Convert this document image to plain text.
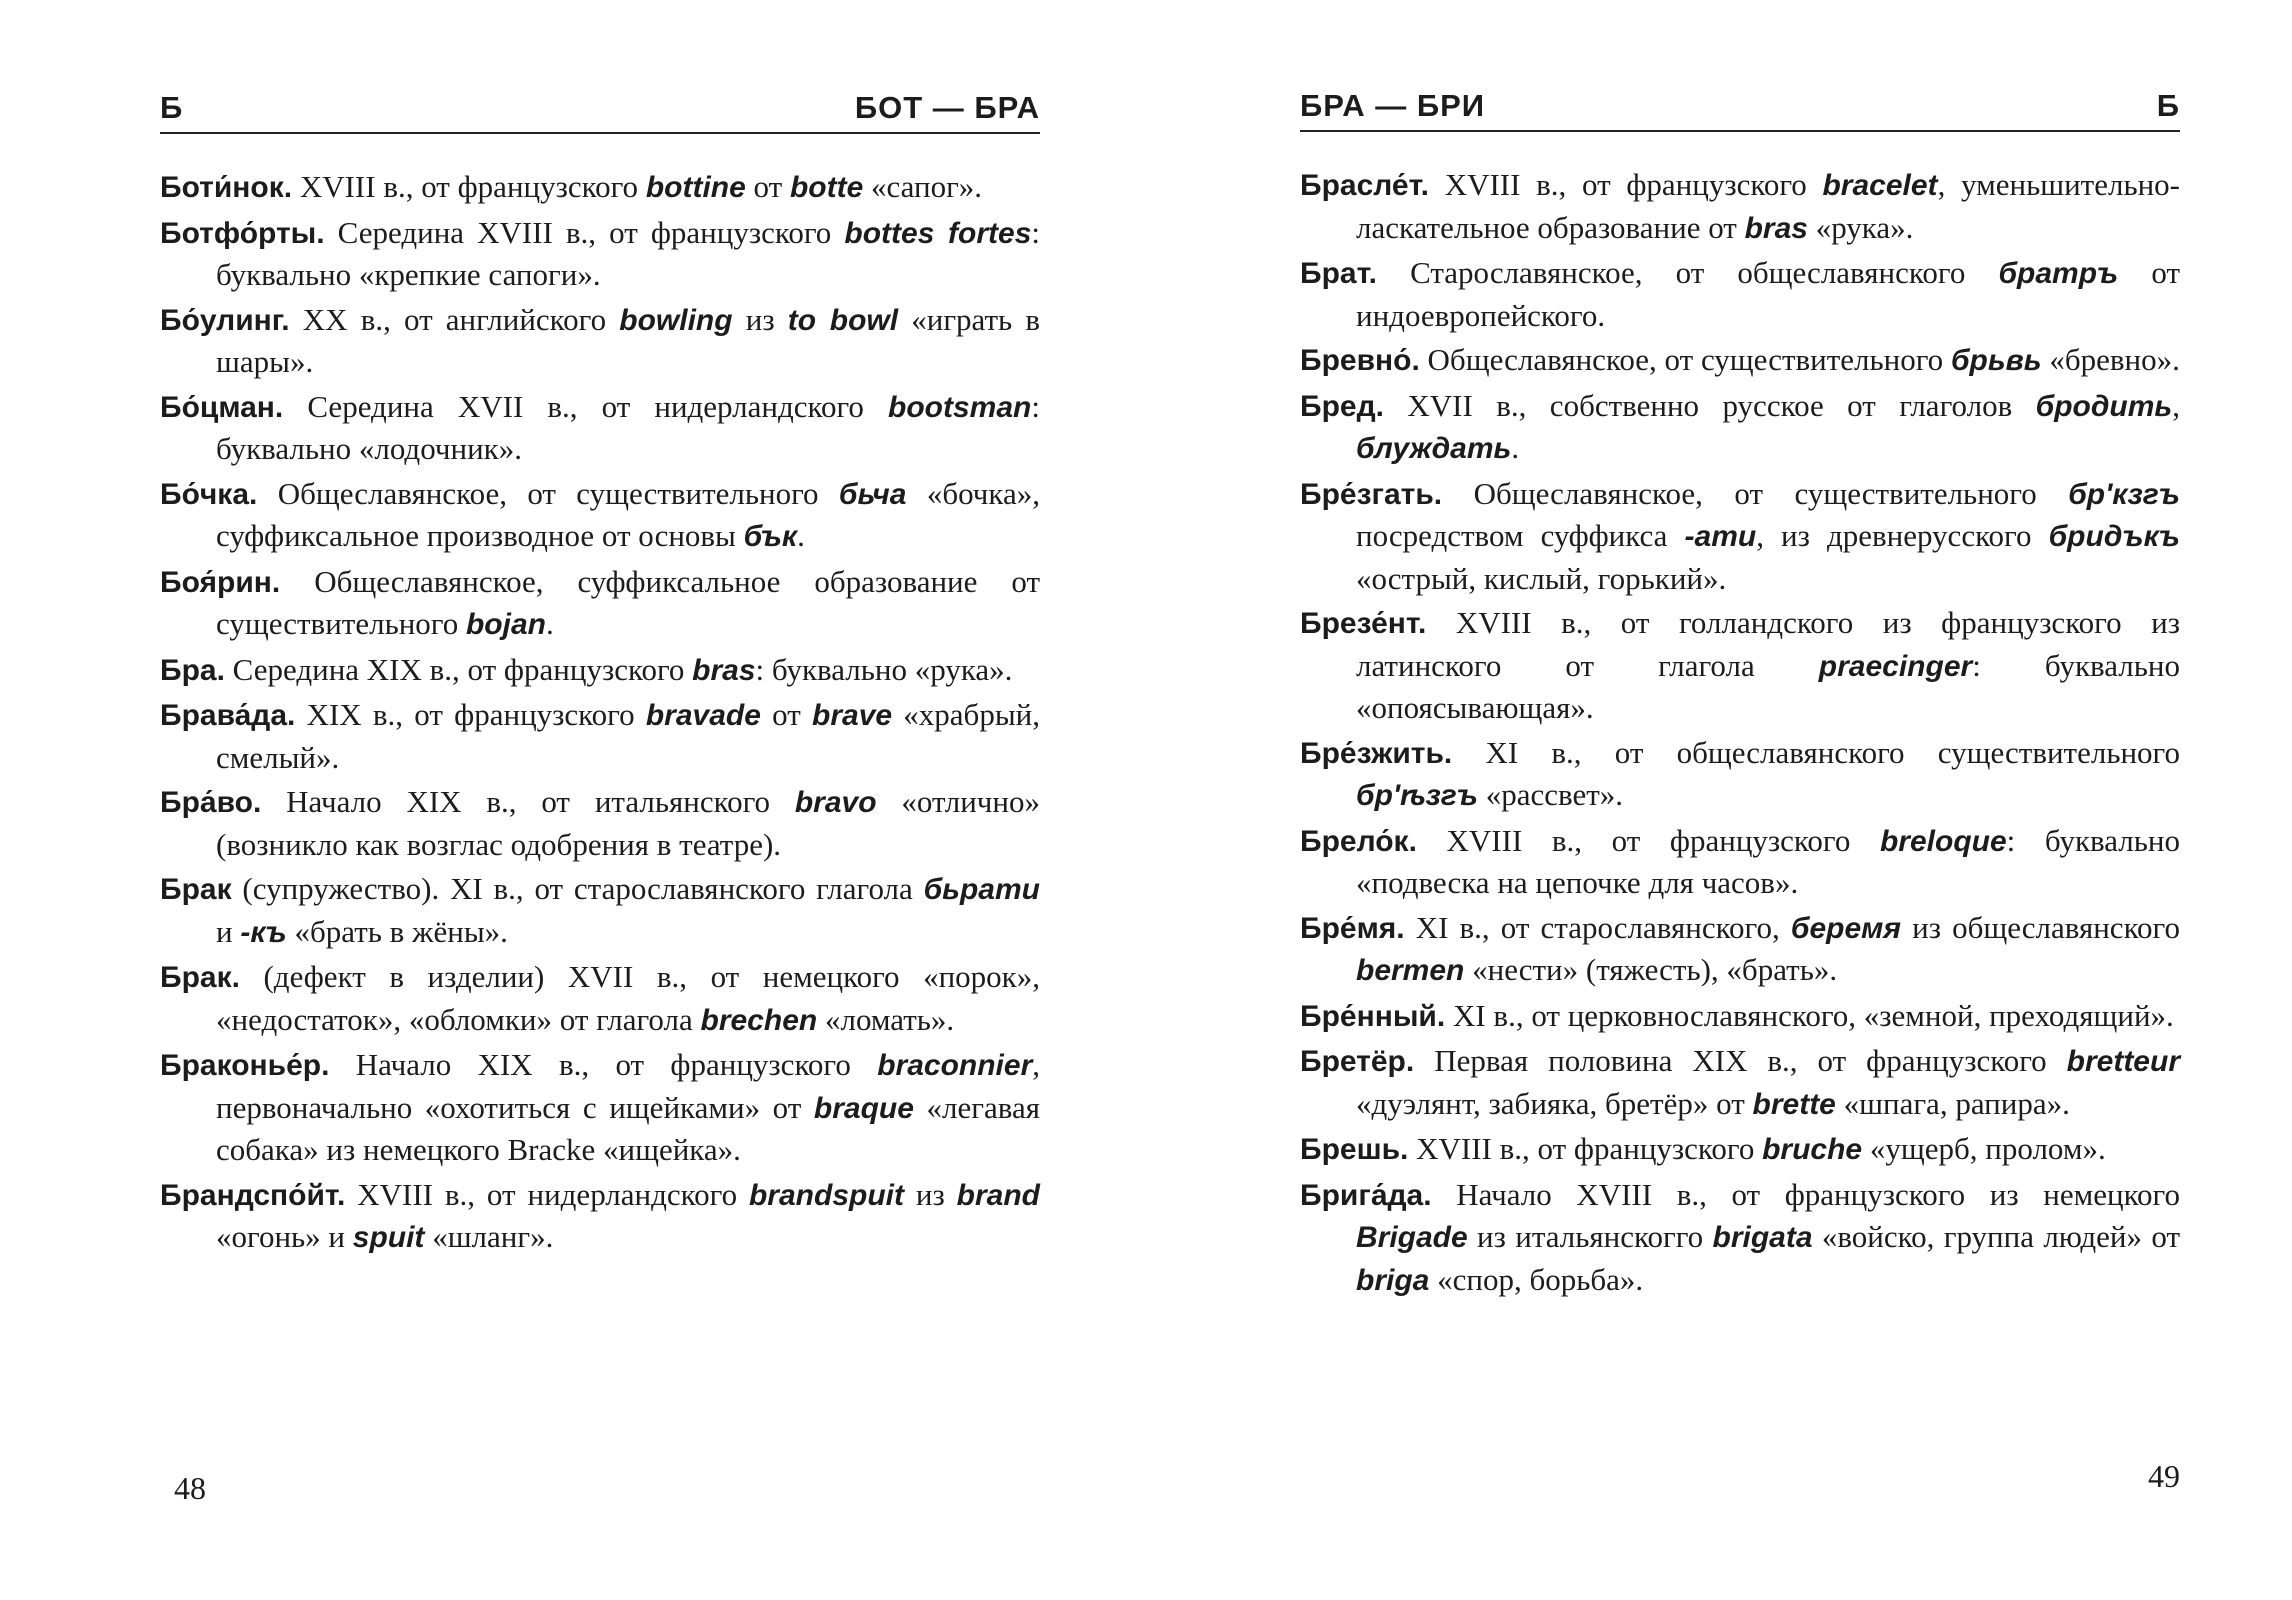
Б	БОТ — БРА

Боти́нок. XVIII в., от французского bottine от botte «сапог».

Ботфо́рты. Середина XVIII в., от французского bottes fortes: буквально «крепкие сапоги».

Бо́улинг. XX в., от английского bowling из to bowl «играть в шары».

Бо́цман. Середина XVII в., от нидерландского bootsman: буквально «лодочник».

Бо́чка. Общеславянское, от существительного бьча «бочка», суффиксальное производное от основы бък.

Боя́рин. Общеславянское, суффиксальное образование от существительного bojan.

Бра. Середина XIX в., от французского bras: буквально «рука».

Брава́да. XIX в., от французского bravade от brave «храбрый, смелый».

Бра́во. Начало XIX в., от итальянского bravo «отлично» (возникло как возглас одобрения в театре).

Брак (супружество). XI в., от старославянского глагола бьрати и -къ «брать в жёны».

Брак. (дефект в изделии) XVII в., от немецкого «порок», «недостаток», «обломки» от глагола brechen «ломать».

Браконье́р. Начало XIX в., от французского braconnier, первоначально «охотиться с ищейками» от braque «легавая собака» из немецкого Bracke «ищейка».

Брандспо́йт. XVIII в., от нидерландского brandspuit из brand «огонь» и spuit «шланг».

48
БРА — БРИ	Б

Брасле́т. XVIII в., от французского bracelet, уменьшительно-ласкательное образование от bras «рука».

Брат. Старославянское, от общеславянского братръ от индоевропейского.

Бревно́. Общеславянское, от существительного брьвь «бревно».

Бред. XVII в., собственно русское от глаголов бродить, блуждать.

Бре́згать. Общеславянское, от существительного бр'кзгъ посредством суффикса -ати, из древнерусского бридъкъ «острый, кислый, горький».

Брезе́нт. XVIII в., от голландского из французского из латинского от глагола praecinger: буквально «опоясывающая».

Бре́зжить. XI в., от общеславянского существительного бр'ѣзгъ «рассвет».

Брело́к. XVIII в., от французского breloque: буквально «подвеска на цепочке для часов».

Бре́мя. XI в., от старославянского, беремя из общеславянского bermen «нести» (тяжесть), «брать».

Бре́нный. XI в., от церковнославянского, «земной, преходящий».

Бретёр. Первая половина XIX в., от французского bretteur «дуэлянт, забияка, бретёр» от brette «шпага, рапира».

Брешь. XVIII в., от французского bruche «ущерб, пролом».

Брига́да. Начало XVIII в., от французского из немецкого Brigade из итальянскогго brigata «войско, группа людей» от briga «спор, борьба».

49
